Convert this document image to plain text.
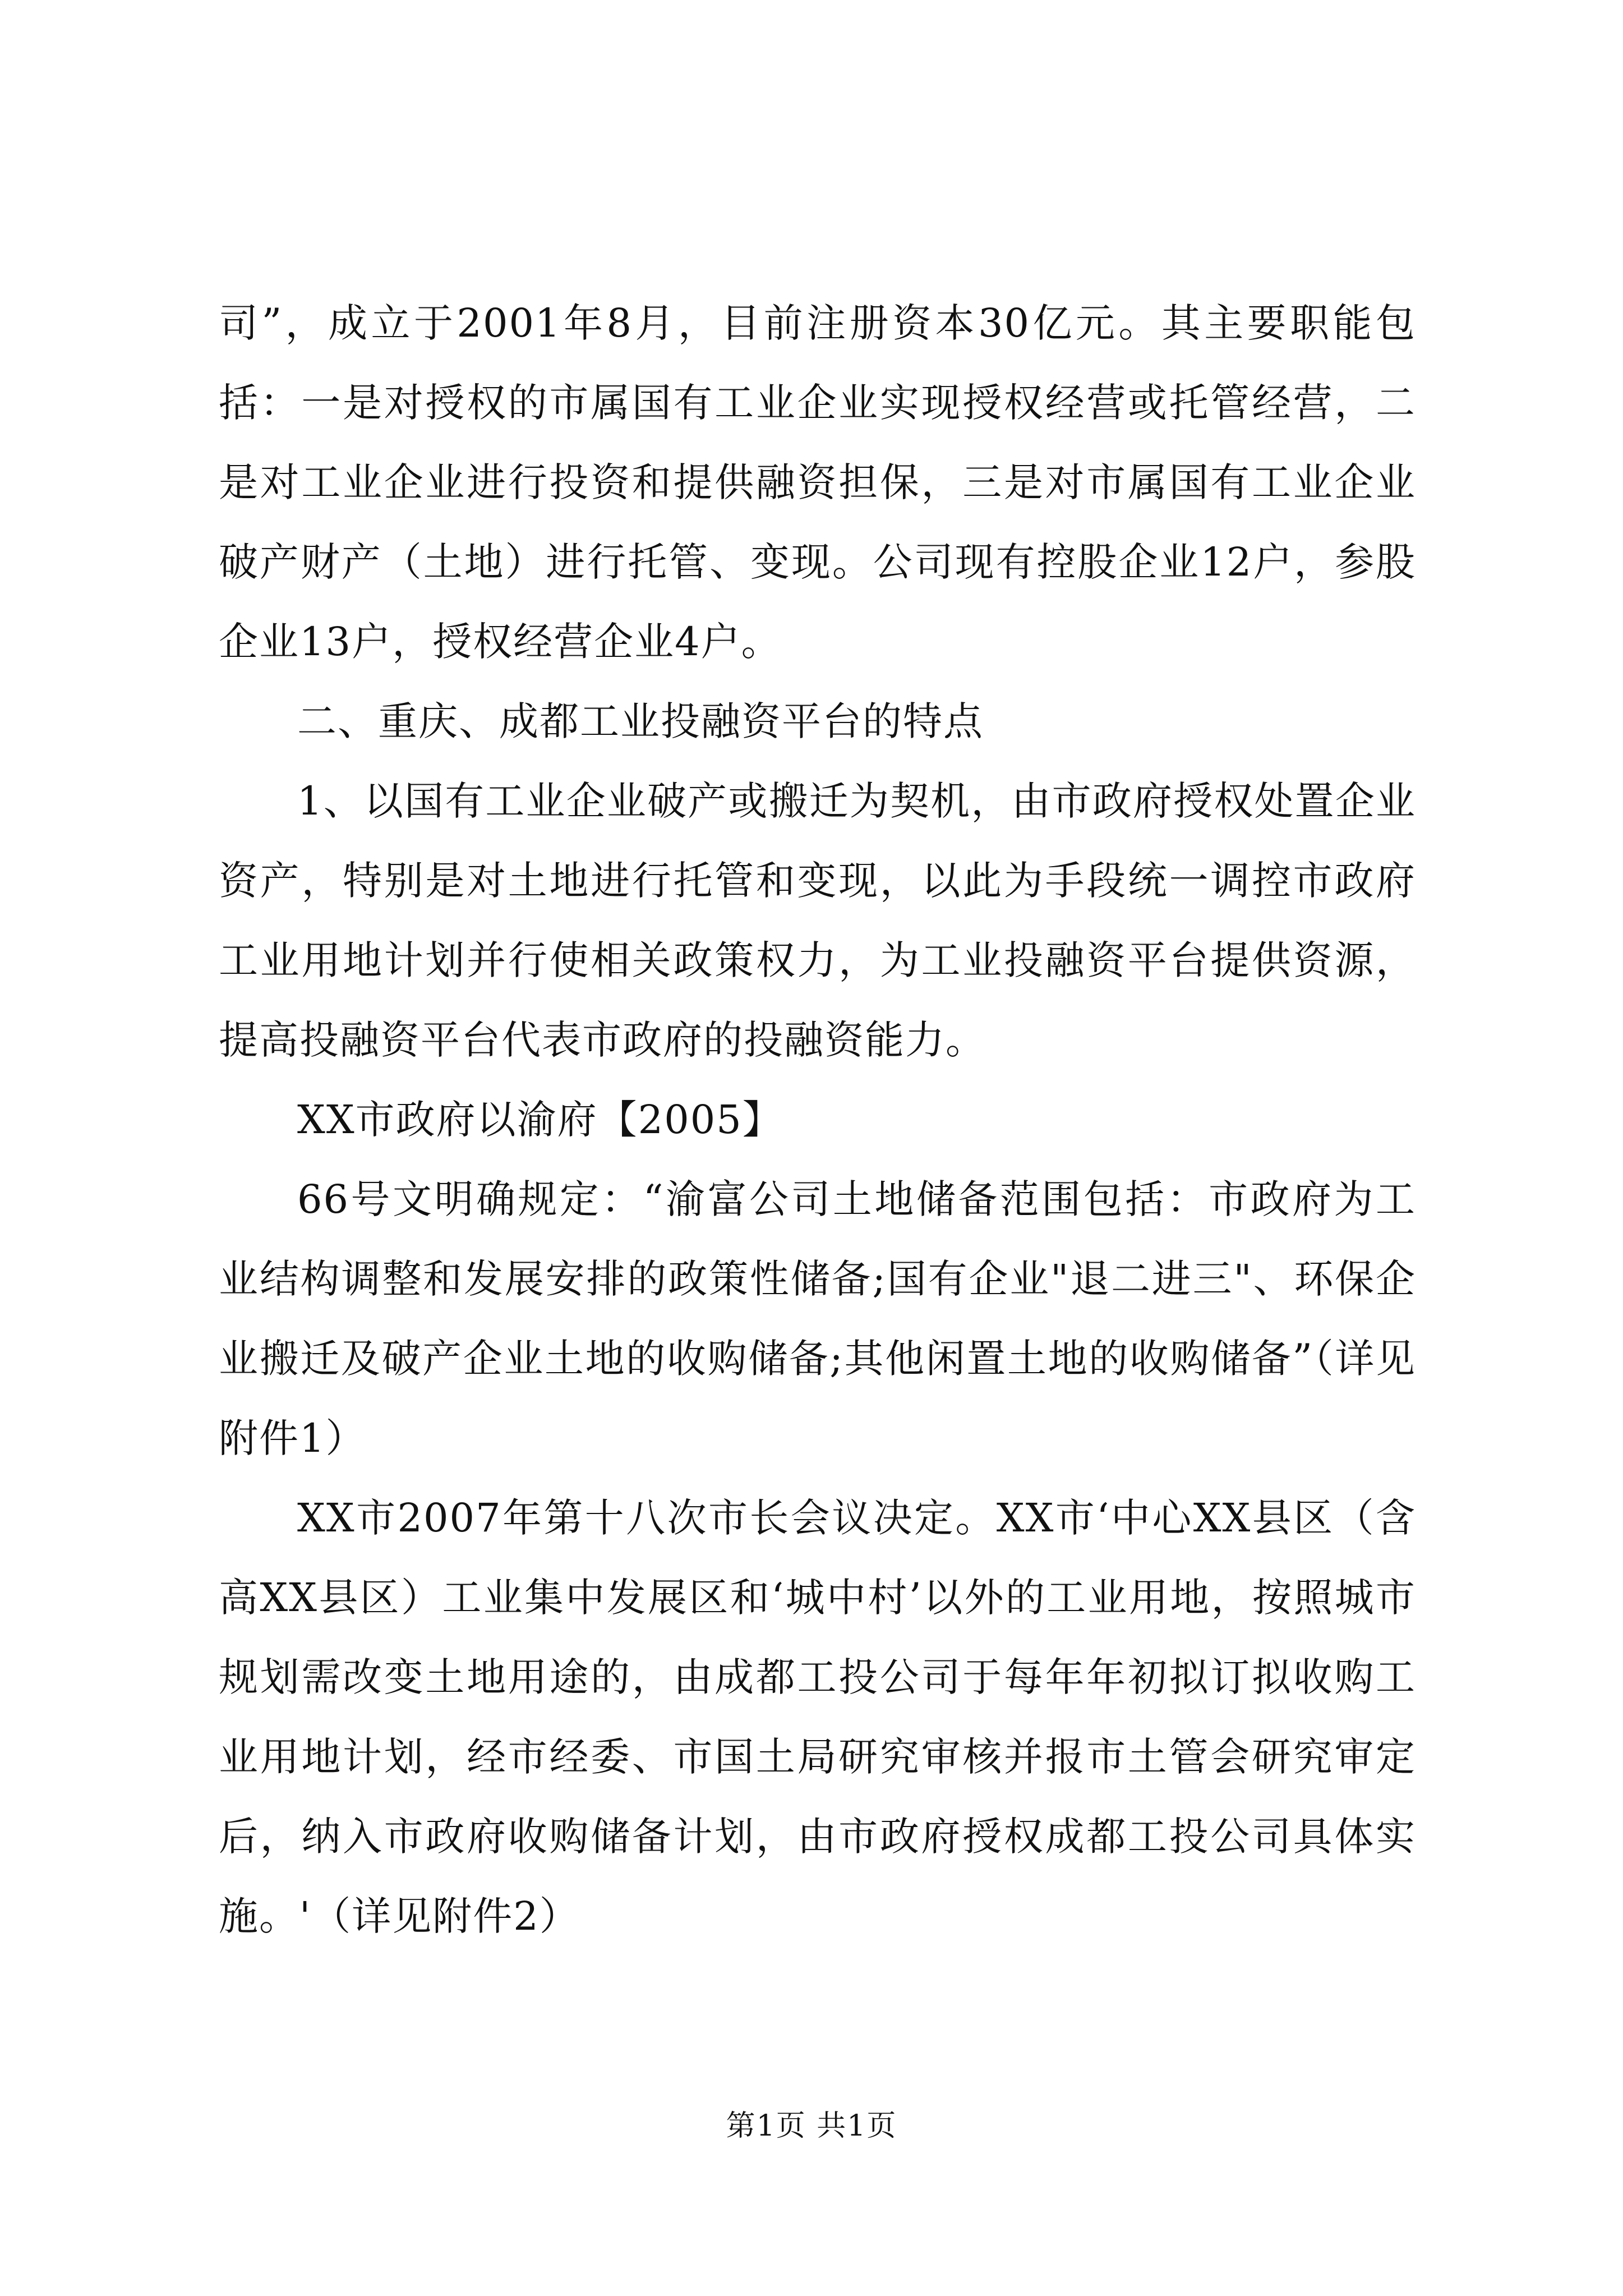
司”，成立于2001年8月，目前注册资本30亿元。其主要职能包括：一是对授权的市属国有工业企业实现授权经营或托管经营，二是对工业企业进行投资和提供融资担保，三是对市属国有工业企业破产财产（土地）进行托管、变现。公司现有控股企业12户，参股企业13户，授权经营企业4户。

二、重庆、成都工业投融资平台的特点

1、以国有工业企业破产或搬迁为契机，由市政府授权处置企业资产，特别是对土地进行托管和变现，以此为手段统一调控市政府工业用地计划并行使相关政策权力，为工业投融资平台提供资源，提高投融资平台代表市政府的投融资能力。

XX市政府以渝府【2005】

66号文明确规定：“渝富公司土地储备范围包括：市政府为工业结构调整和发展安排的政策性储备;国有企业"退二进三"、环保企业搬迁及破产企业土地的收购储备;其他闲置土地的收购储备”（详见附件1）

XX市2007年第十八次市长会议决定。XX市‘中心XX县区（含高XX县区）工业集中发展区和‘城中村’以外的工业用地，按照城市规划需改变土地用途的，由成都工投公司于每年年初拟订拟收购工业用地计划，经市经委、市国土局研究审核并报市土管会研究审定后，纳入市政府收购储备计划，由市政府授权成都工投公司具体实施。'（详见附件2）

第1页 共1页
